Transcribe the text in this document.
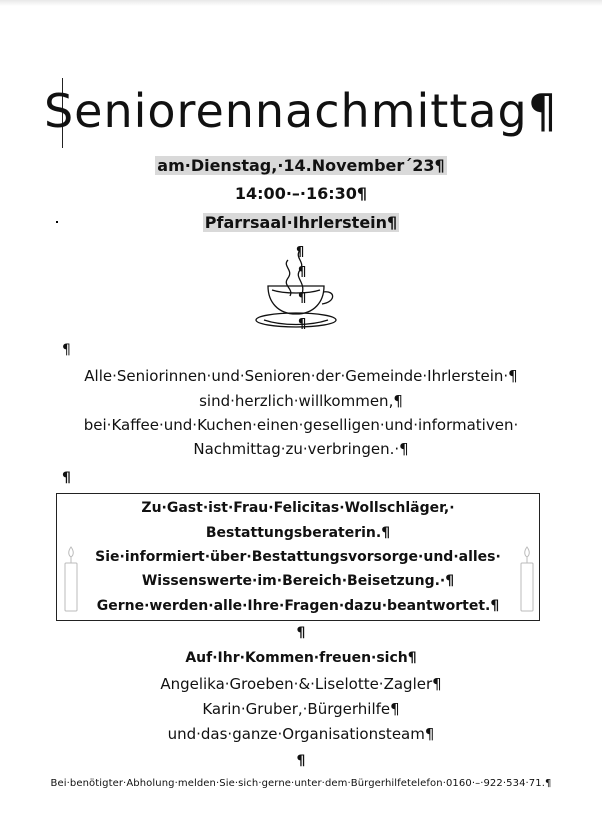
Seniorennachmittag¶
am·Dienstag,·14.November´23¶
14:00·–·16:30¶
Pfarrsaal·Ihrlerstein¶
¶
¶
¶
¶
¶
Alle·Seniorinnen·und·Senioren·der·Gemeinde·Ihrlerstein·¶
sind·herzlich·willkommen,¶
bei·Kaffee·und·Kuchen·einen·geselligen·und·informativen·
Nachmittag·zu·verbringen.·¶
¶
Zu·Gast·ist·Frau·Felicitas·Wollschläger,·
Bestattungsberaterin.¶
Sie·informiert·über·Bestattungsvorsorge·und·alles·
Wissenswerte·im·Bereich·Beisetzung.·¶
Gerne·werden·alle·Ihre·Fragen·dazu·beantwortet.¶
¶
Auf·Ihr·Kommen·freuen·sich¶
Angelika·Groeben·&·Liselotte·Zagler¶
Karin·Gruber,·Bürgerhilfe¶
und·das·ganze·Organisationsteam¶
¶
Bei·benötigter·Abholung·melden·Sie·sich·gerne·unter·dem·Bürgerhilfetelefon·0160·–·922·534·71.¶
